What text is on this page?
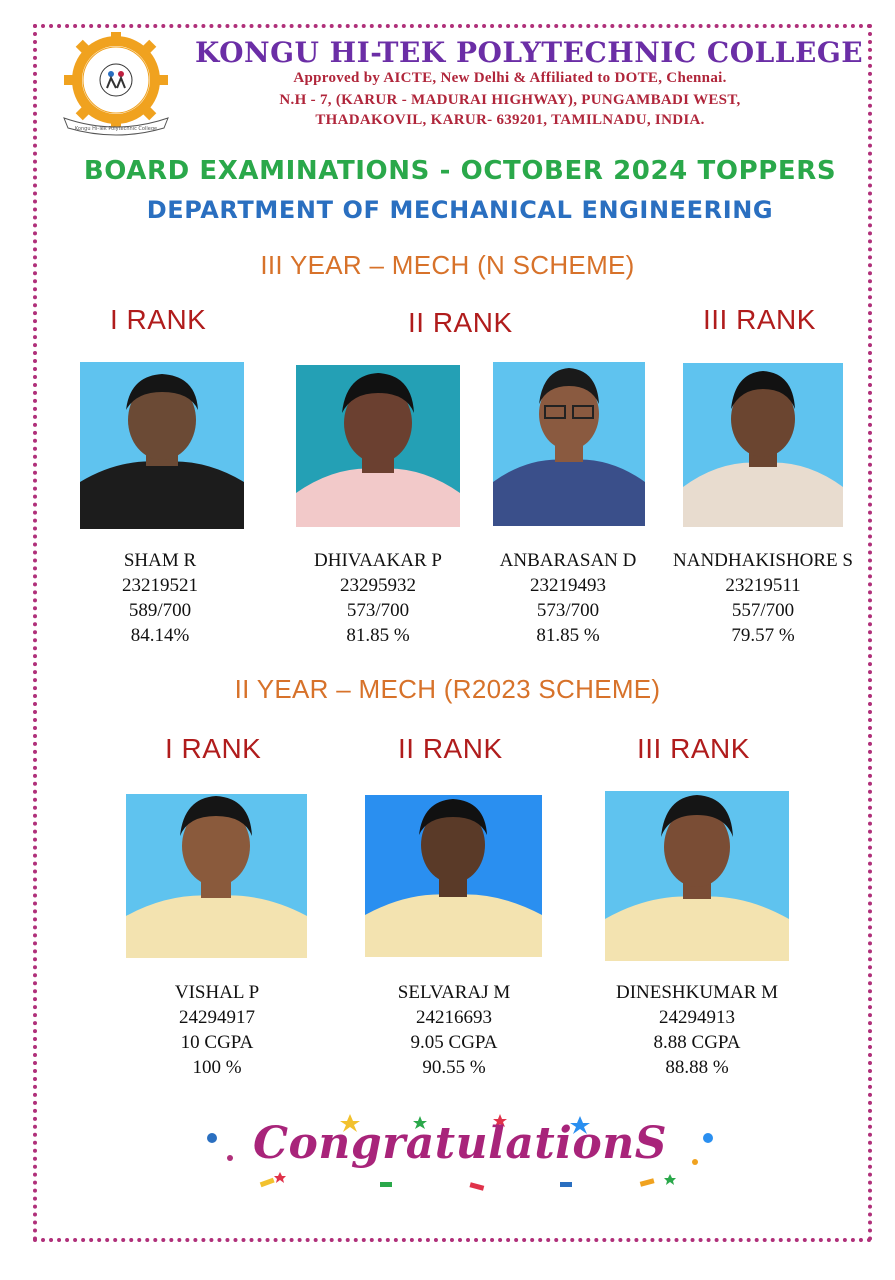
Kongu Hi-Tek Polytechnic College
KONGU HI-TEK POLYTECHNIC COLLEGE
Approved by AICTE, New Delhi & Affiliated to DOTE, Chennai.
N.H - 7, (KARUR - MADURAI HIGHWAY), PUNGAMBADI WEST,
THADAKOVIL, KARUR- 639201, TAMILNADU, INDIA.
BOARD EXAMINATIONS - OCTOBER 2024 TOPPERS
DEPARTMENT OF MECHANICAL ENGINEERING
III YEAR – MECH (N SCHEME)
I RANK	II RANK	III RANK
SHAM R
23219521
589/700
84.14%
DHIVAAKAR P
23295932
573/700
81.85 %
ANBARASAN D
23219493
573/700
81.85 %
NANDHAKISHORE S
23219511
557/700
79.57 %
II YEAR – MECH (R2023 SCHEME)
I RANK	II RANK	III RANK
VISHAL P
24294917
10 CGPA
100 %
SELVARAJ M
24216693
9.05 CGPA
90.55 %
DINESHKUMAR M
24294913
8.88 CGPA
88.88 %
CongratulationS
